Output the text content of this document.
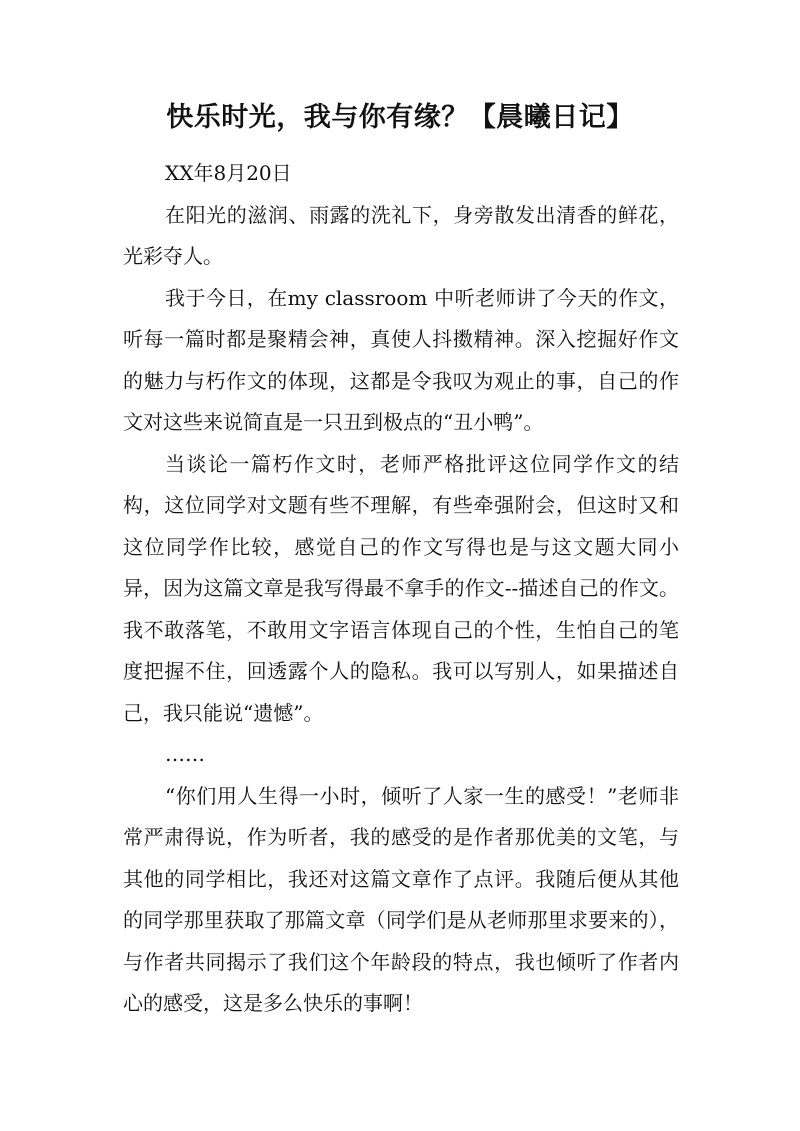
快乐时光，我与你有缘？【晨曦日记】

XX年8月20日

在阳光的滋润、雨露的洗礼下，身旁散发出清香的鲜花，光彩夺人。

我于今日，在my classroom 中听老师讲了今天的作文，听每一篇时都是聚精会神，真使人抖擞精神。深入挖掘好作文的魅力与朽作文的体现，这都是令我叹为观止的事，自己的作文对这些来说简直是一只丑到极点的“丑小鸭”。

当谈论一篇朽作文时，老师严格批评这位同学作文的结构，这位同学对文题有些不理解，有些牵强附会，但这时又和这位同学作比较，感觉自己的作文写得也是与这文题大同小异，因为这篇文章是我写得最不拿手的作文--描述自己的作文。我不敢落笔，不敢用文字语言体现自己的个性，生怕自己的笔度把握不住，回透露个人的隐私。我可以写别人，如果描述自己，我只能说“遗憾”。

……

“你们用人生得一小时，倾听了人家一生的感受！”老师非常严肃得说，作为听者，我的感受的是作者那优美的文笔，与其他的同学相比，我还对这篇文章作了点评。我随后便从其他的同学那里获取了那篇文章（同学们是从老师那里求要来的），与作者共同揭示了我们这个年龄段的特点，我也倾听了作者内心的感受，这是多么快乐的事啊！
